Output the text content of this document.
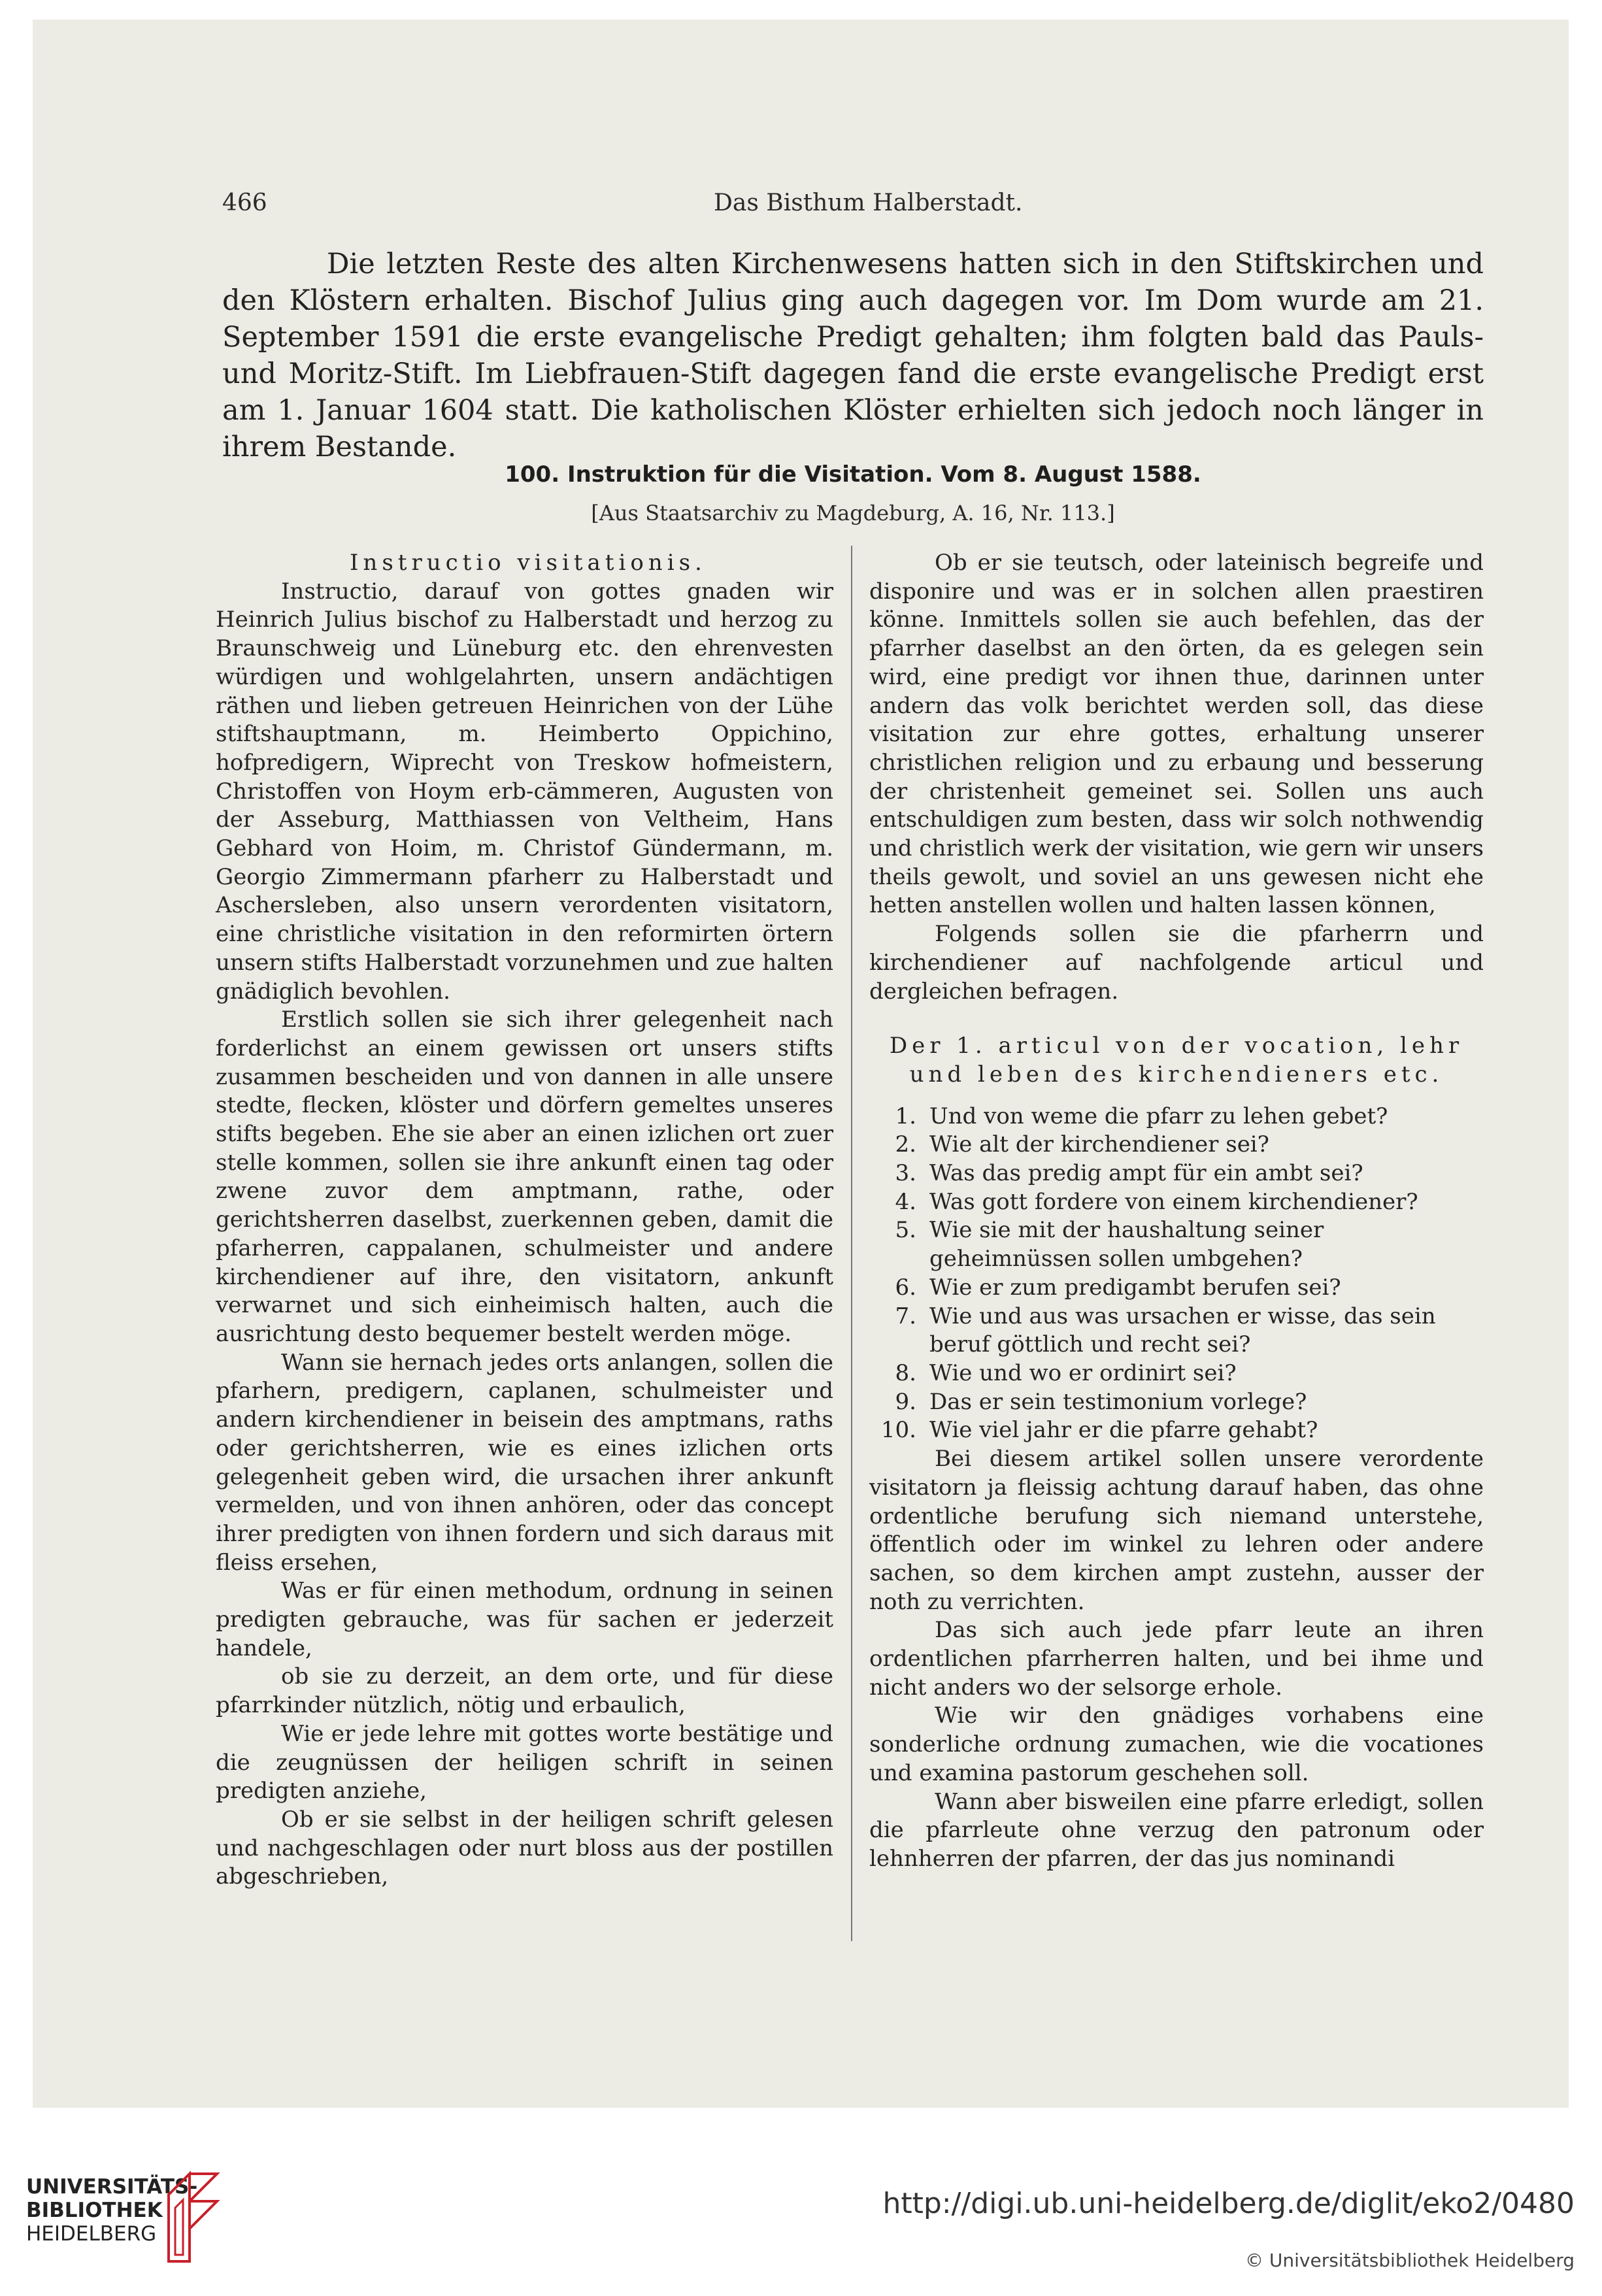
466	Das Bisthum Halberstadt.

Die letzten Reste des alten Kirchenwesens hatten sich in den Stiftskirchen und den Klöstern erhalten. Bischof Julius ging auch dagegen vor. Im Dom wurde am 21. September 1591 die erste evangelische Predigt gehalten; ihm folgten bald das Pauls- und Moritz-Stift. Im Liebfrauen-Stift dagegen fand die erste evangelische Predigt erst am 1. Januar 1604 statt. Die katholischen Klöster erhielten sich jedoch noch länger in ihrem Bestande.

100. Instruktion für die Visitation. Vom 8. August 1588.
[Aus Staatsarchiv zu Magdeburg, A. 16, Nr. 113.]
Instructio visitationis.

Instructio, darauf von gottes gnaden wir Heinrich Julius bischof zu Halberstadt und herzog zu Braunschweig und Lüneburg etc. den ehrenvesten würdigen und wohlgelahrten, unsern andächtigen räthen und lieben getreuen Heinrichen von der Lühe stiftshauptmann, m. Heimberto Oppichino, hofpredigern, Wiprecht von Treskow hofmeistern, Christoffen von Hoym erb-cämmeren, Augusten von der Asseburg, Matthiassen von Veltheim, Hans Gebhard von Hoim, m. Christof Gündermann, m. Georgio Zimmermann pfarherr zu Halberstadt und Aschersleben, also unsern verordenten visitatorn, eine christliche visitation in den reformirten örtern unsern stifts Halberstadt vorzunehmen und zue halten gnädiglich bevohlen.

Erstlich sollen sie sich ihrer gelegenheit nach forderlichst an einem gewissen ort unsers stifts zusammen bescheiden und von dannen in alle unsere stedte, flecken, klöster und dörfern gemeltes unseres stifts begeben. Ehe sie aber an einen izlichen ort zuer stelle kommen, sollen sie ihre ankunft einen tag oder zwene zuvor dem amptmann, rathe, oder gerichtsherren daselbst, zuerkennen geben, damit die pfarherren, cappalanen, schulmeister und andere kirchendiener auf ihre, den visitatorn, ankunft verwarnet und sich einheimisch halten, auch die ausrichtung desto bequemer bestelt werden möge.

Wann sie hernach jedes orts anlangen, sollen die pfarhern, predigern, caplanen, schulmeister und andern kirchendiener in beisein des amptmans, raths oder gerichtsherren, wie es eines izlichen orts gelegenheit geben wird, die ursachen ihrer ankunft vermelden, und von ihnen anhören, oder das concept ihrer predigten von ihnen fordern und sich daraus mit fleiss ersehen,

Was er für einen methodum, ordnung in seinen predigten gebrauche, was für sachen er jederzeit handele,

ob sie zu derzeit, an dem orte, und für diese pfarrkinder nützlich, nötig und erbaulich,

Wie er jede lehre mit gottes worte bestätige und die zeugnüssen der heiligen schrift in seinen predigten anziehe,

Ob er sie selbst in der heiligen schrift gelesen und nachgeschlagen oder nurt bloss aus der postillen abgeschrieben,

Ob er sie teutsch, oder lateinisch begreife und disponire und was er in solchen allen praestiren könne. Inmittels sollen sie auch befehlen, das der pfarrher daselbst an den örten, da es gelegen sein wird, eine predigt vor ihnen thue, darinnen unter andern das volk berichtet werden soll, das diese visitation zur ehre gottes, erhaltung unserer christlichen religion und zu erbaung und besserung der christenheit gemeinet sei. Sollen uns auch entschuldigen zum besten, dass wir solch nothwendig und christlich werk der visitation, wie gern wir unsers theils gewolt, und soviel an uns gewesen nicht ehe hetten anstellen wollen und halten lassen können,

Folgends sollen sie die pfarherrn und kirchendiener auf nachfolgende articul und dergleichen befragen.

Der 1. articul von der vocation, lehr
und leben des kirchendieners etc.
1. Und von weme die pfarr zu lehen gebet?
2. Wie alt der kirchendiener sei?
3. Was das predig ampt für ein ambt sei?
4. Was gott fordere von einem kirchendiener?
5. Wie sie mit der haushaltung seiner geheimnüssen sollen umbgehen?
6. Wie er zum predigambt berufen sei?
7. Wie und aus was ursachen er wisse, das sein beruf göttlich und recht sei?
8. Wie und wo er ordinirt sei?
9. Das er sein testimonium vorlege?
10. Wie viel jahr er die pfarre gehabt?

Bei diesem artikel sollen unsere verordente visitatorn ja fleissig achtung darauf haben, das ohne ordentliche berufung sich niemand unterstehe, öffentlich oder im winkel zu lehren oder andere sachen, so dem kirchen ampt zustehn, ausser der noth zu verrichten.

Das sich auch jede pfarr leute an ihren ordentlichen pfarrherren halten, und bei ihme und nicht anders wo der selsorge erhole.

Wie wir den gnädiges vorhabens eine sonderliche ordnung zumachen, wie die vocationes und examina pastorum geschehen soll.

Wann aber bisweilen eine pfarre erledigt, sollen die pfarrleute ohne verzug den patronum oder lehnherren der pfarren, der das jus nominandi

UNIVERSITÄTS-
BIBLIOTHEK
HEIDELBERG
http://digi.ub.uni-heidelberg.de/diglit/eko2/0480
© Universitätsbibliothek Heidelberg
